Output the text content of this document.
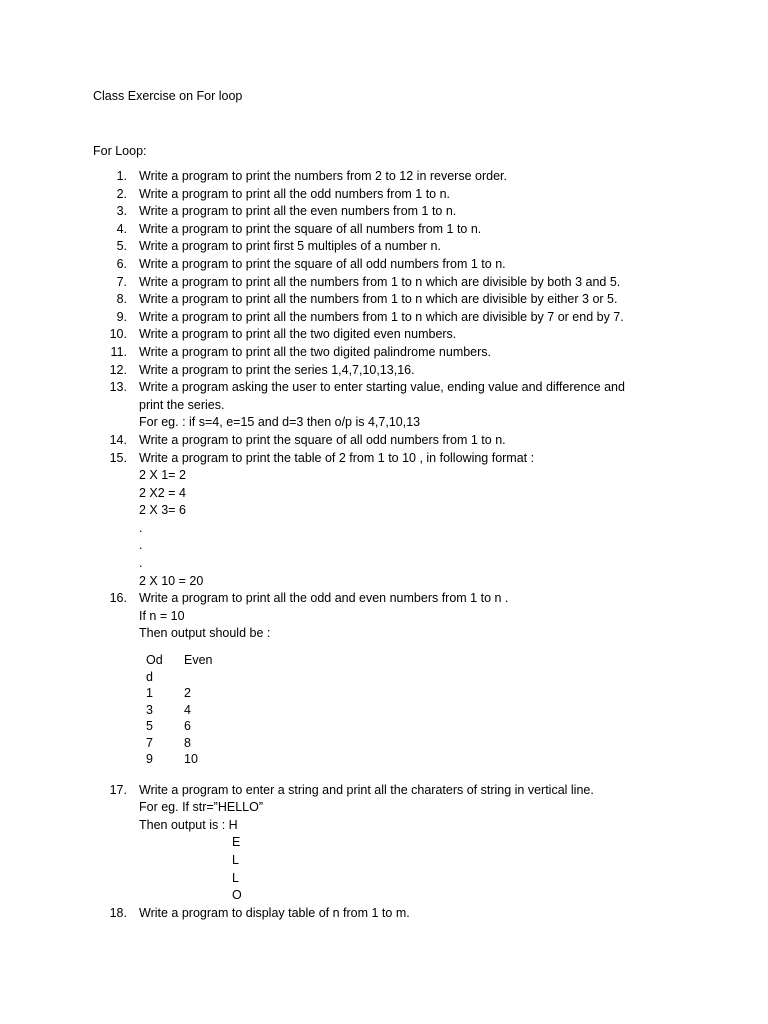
Class Exercise on For loop
For Loop:
1. Write a program to print the numbers from 2 to 12 in reverse order.
2. Write a program to print all the odd numbers from 1 to n.
3. Write a program to print all the even numbers from 1 to n.
4. Write a program to print the square of all numbers from 1 to n.
5. Write a program to print first 5 multiples of a number n.
6. Write a program to print the square of all odd numbers from 1 to n.
7. Write a program to print all the numbers from 1 to n which are divisible by both 3 and 5.
8. Write a program to print all the numbers from 1 to n which are divisible by either 3 or 5.
9. Write a program to print all the numbers from 1 to n which are divisible by 7 or end by 7.
10. Write a program to print all the two digited even numbers.
11. Write a program to print all the two digited palindrome numbers.
12. Write a program to print the series 1,4,7,10,13,16.
13. Write a program asking the user to enter starting value, ending value and difference and
print the series.
For eg. : if s=4, e=15 and d=3 then o/p is 4,7,10,13
14. Write a program to print the square of all odd numbers from 1 to n.
15. Write a program to print the table of 2 from 1 to 10 , in following format :
2 X 1= 2
2 X2 = 4
2 X 3= 6
.
.
.
2 X 10 = 20
16. Write a program to print all the odd and even numbers from 1 to n .
If n = 10
Then output should be :
Od
d	Even
1	2
3	4
5	6
7	8
9	10
17. Write a program to enter a string and print all the charaters of string in vertical line.
For eg. If str=”HELLO”
Then output is : H
E
L
L
O
18. Write a program to display table of n from 1 to m.
